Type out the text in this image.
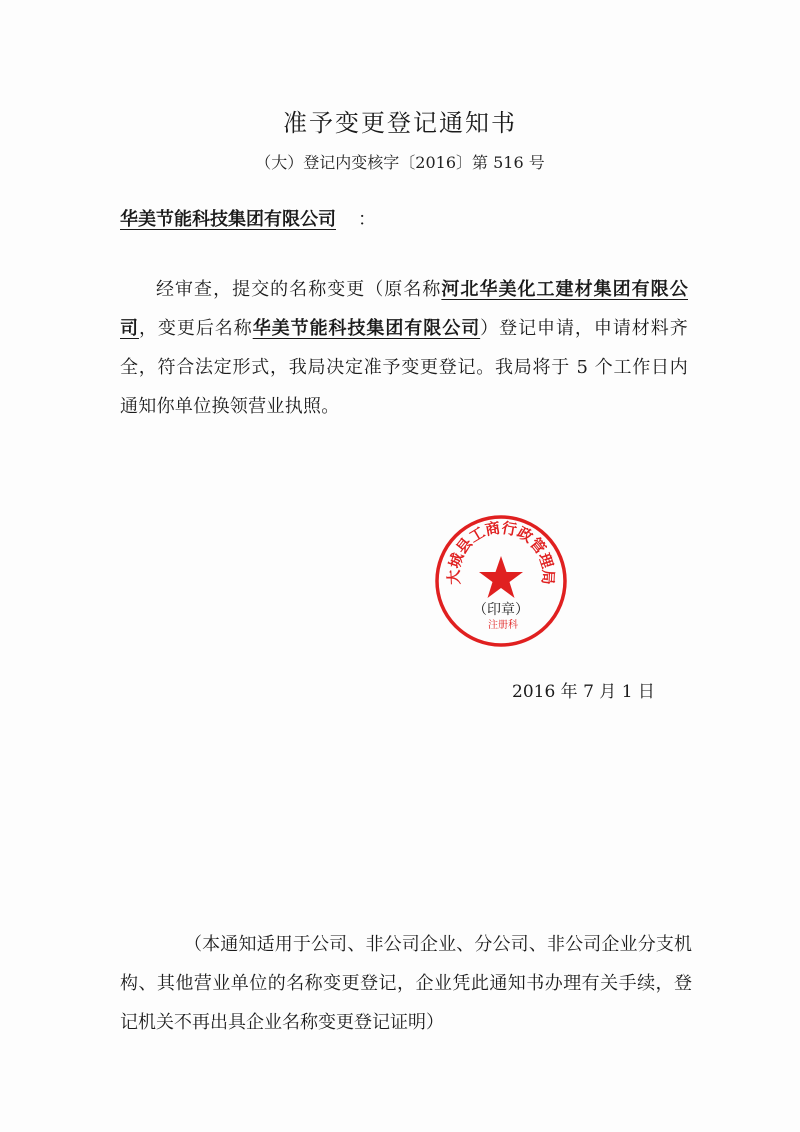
准予变更登记通知书
（大）登记内变核字〔2016〕第 516 号
华美节能科技集团有限公司 ：
经审查，提交的名称变更（原名称河北华美化工建材集团有限公司，变更后名称华美节能科技集团有限公司）登记申请，申请材料齐全，符合法定形式，我局决定准予变更登记。我局将于 5 个工作日内通知你单位换领营业执照。
大城县工商行政管理局
（印章）
注册科
2016 年 7 月 1 日
（本通知适用于公司、非公司企业、分公司、非公司企业分支机构、其他营业单位的名称变更登记，企业凭此通知书办理有关手续，登记机关不再出具企业名称变更登记证明）
